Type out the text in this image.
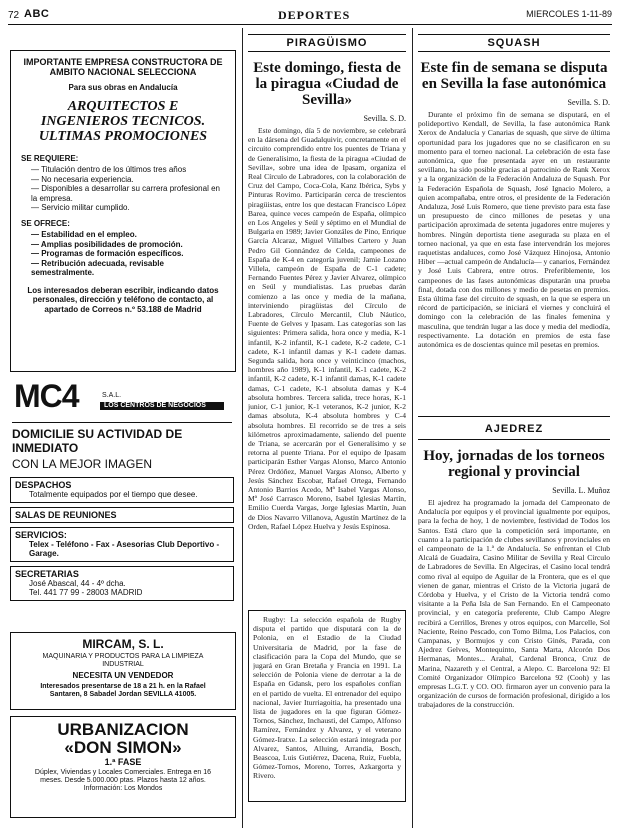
72 ABC	DEPORTES	MIERCOLES 1-11-89
IMPORTANTE EMPRESA CONSTRUCTORA DE AMBITO NACIONAL SELECCIONA
Para sus obras en Andalucía
ARQUITECTOS E INGENIEROS TECNICOS. ULTIMAS PROMOCIONES
SE REQUIERE:
— Titulación dentro de los últimos tres años
— No necesaria experiencia.
— Disponibles a desarrollar su carrera profesional en la empresa.
— Servicio militar cumplido.
SE OFRECE:
— Estabilidad en el empleo.
— Amplias posibilidades de promoción.
— Programas de formación específicos.
— Retribución adecuada, revisable semestralmente.
Los interesados deberan escribir, indicando datos personales, dirección y teléfono de contacto, al apartado de Correos n.º 53.188 de Madrid
MC4	S.A.L.
LOS CENTROS DE NEGOCIOS
DOMICILIE SU ACTIVIDAD DE INMEDIATO
CON LA MEJOR IMAGEN
DESPACHOS
Totalmente equipados por el tiempo que desee.
SALAS DE REUNIONES
SERVICIOS:
Telex - Teléfono - Fax - Asesorias Club Deportivo - Garage.
SECRETARIAS
José Abascal, 44 - 4º dcha.
Tel. 441 77 99 - 28003 MADRID
MIRCAM, S. L.
MAQUINARIA Y PRODUCTOS PARA LA LIMPIEZA INDUSTRIAL
NECESITA UN VENDEDOR
Interesados presentarse de 18 a 21 h. en la Rafael Santaren, 8 Sabadel Jordan SEVILLA 41005.
URBANIZACION
«DON SIMON»
1.ª FASE
Dúplex, Viviendas y Locales Comerciales. Entrega en 16 meses. Desde 5.000.000 ptas. Plazos hasta 12 años. Información: Los Mondos
PIRAGÜISMO
Este domingo, fiesta de la piragua «Ciudad de Sevilla»
Sevilla. S. D.

Este domingo, día 5 de noviembre, se celebrará en la dársena del Guadalquivir, concretamente en el circuito comprendido entre los puentes de Triana y de Generalísimo, la fiesta de la piragua «Ciudad de Sevilla», sobre una idea de Ipasam, organiza el Real Círculo de Labradores, con la colaboración de Cruz del Campo, Coca-Cola, Kanz Ibérica, Sybs y Pinturas Rovimo. Participarán cerca de trescientos piragüistas, entre los que destacan Francisco López Barea, quince veces campeón de España, olímpico en Los Angeles y Seúl y séptimo en el Mundial de Bulgaria en 1989; Javier Gonzáles de Pino, Enrique García Alcaraz, Miguel Villalbes Cartero y Juan Pedro Gil Gonnández de Celda, campeones de España de K-4 en categoría juvenil; Jamie Lozano Villela, campeón de España de C-1 cadete; Fernando Fuentes Pérez y Javier Alvarez, olímpico en Seúl y mundialistas. Las pruebas darán comienzo a las once y media de la mañana, interviniendo piragüistas del Círculo de Labradores, Círculo Mercantil, Club Náutico, Fuente de Gelves y Ipasam. Las categorías son las siguientes: Primera salida, hora once y media, K-1 infantil, K-2 infantil, K-1 cadete, K-2 cadete, C-1 cadete, K-1 infantil damas y K-1 cadete damas. Segunda salida, hora once y veinticinco (machos, hombres año 1989), K-1 infantil, K-1 cadete, K-2 infantil, K-2 cadete, K-1 infantil damas, K-1 cadete damas, C-1 cadete, K-1 absoluta damas y K-4 absoluta hombres. Tercera salida, trece horas, K-1 junior, C-1 junior, K-1 veteranos, K-2 junior, K-2 damas absoluta, K-4 absoluta hombres y C-4 absoluta hombres. El recorrido se de tres a seis kilómetros aproximadamente, saliendo del puente de Triana, se acercarán por el Generalísimo y se retorna al puente Triana. Por el equipo de Ipasam participarán Esther Vargas Alonso, Marco Antonio Pérez Ordóñez, Manuel Vargas Alonso, Alberto y Jesús Sánchez Escobar, Rafael Ortega, Fernando Antonio Barrios Acedo, Mª Isabel Vargas Alonso, Mª José Carrasco Moreno, Isabel Iglesias Martín, Emilio Cuerda Vargas, Jorge Iglesias Martín, Juan de Dios Navarro Villanova, Agustín Martínez de la Orden, Rafael López Huelva y Jesús Espinosa.

Rugby: La selección española de Rugby disputa el partido que disputará con la de Polonia, en el Estadio de la Ciudad Universitaria de Madrid, por la fase de clasificación para la Copa del Mundo, que se jugará en Gran Bretaña y Francia en 1991. La selección de Polonia viene de derrotar a la de España en Gdansk, pero los españoles confían en el partido de vuelta. El entrenador del equipo nacional, Javier Iturriagoitia, ha presentado una lista de jugadores en la que figuran Gómez-Tornos, Sánchez, Inchausti, del Campo, Alfonso Ramírez, Fernández y Alvarez, y el veterano Gómez-Iratxe. La selección estará integrada por Alvarez, Santos, Alluing, Arrandía, Bosch, Beascoa, Luis Gutiérrez, Dacena, Ruiz, Fuebla, Gómez-Tornos, Moreno, Torres, Azkargorta y Rivero.

SQUASH
Este fin de semana se disputa en Sevilla la fase autonómica
Sevilla. S. D.

Durante el próximo fin de semana se disputará, en el polideportivo Kendall, de Sevilla, la fase autonómica Rank Xerox de Andalucía y Canarias de squash, que sirve de última oportunidad para los jugadores que no se clasificaron en su momento para el torneo nacional. La celebración de esta fase autonómica, que fue presentada ayer en un restaurante sevillano, ha sido posible gracias al patrocinio de Rank Xerox y a la organización de la Federación Andaluza de Squash. Por la Federación Española de Squash, José Ignacio Molero, a quien acompañaba, entre otros, el presidente de la Federación Andaluza, José Luis Romero, que tiene previsto para esta fase un presupuesto de cinco millones de pesetas y una participación aproximada de setenta jugadores entre mujeres y hombres. Ningún deportista tiene asegurada su plaza en el torneo nacional, ya que en esta fase intervendrán los mejores raquetistas andaluces, como José Vázquez Hinojosa, Antonio Hiber —actual campeón de Andalucía— y canarios, Fernández y José Luis Cabrera, entre otros. Preferiblemente, los campeones de las fases autonómicas disputarán una prueba final, dotada con dos millones y medio de pesetas en premios. Esta última fase del circuito de squash, en la que se espera un récord de participación, se iniciará el viernes y concluirá el domingo con la celebración de las finales femenina y masculina, que tendrán lugar a las doce y media del mediodía, respectivamente. La dotación en premios de esta fase autonómica es de doscientas quince mil pesetas en premios.

AJEDREZ
Hoy, jornadas de los torneos regional y provincial
Sevilla. L. Muñoz

El ajedrez ha programado la jornada del Campeonato de Andalucía por equipos y el provincial igualmente por equipos, para la fecha de hoy, 1 de noviembre, festividad de Todos los Santos. Está claro que la competición será importante, en cuanto a la participación de clubes sevillanos y provinciales en el campeonato de la 1.ª de Andalucía. Se enfrentan el Club Alcalá de Guadaíra, Casino Militar de Sevilla y Real Círculo de Labradores de Sevilla. En Algeciras, el Casino local tendrá como rival al equipo de Aguilar de la Frontera, que es el que vienen de ganar, mientras el Cristo de la Victoria jugará de Córdoba y Huelva, y el Cristo de la Victoria tendrá como visitante a la Peña Isla de San Fernando. En el Campeonato provincial, y en categoría preferente, Club Campo Alegre recibirá a Cerrillos, Brenes y otros equipos, con Marcelle, Sol Naciente, Reino Pescado, con Tomo Bilma, Los Palacios, con Campanas, y Bormujos y con Cristo Ginés, Parada, con Ajedrez Gelves, Montequinto, Santa Marta, Alcorón Dos Hermanas, Montes... Arahal, Cardenal Bronca, Cruz de Marina, Nazareth y el Central, a Alepo. C. Barcelona 92: El Comité Organizador Olímpico Barcelona 92 (Cooh) y las empresas L.G.T. y CO. OO. firmaron ayer un convenio para la organización de cursos de formación profesional, dirigido a los trabajadores de la construcción.
